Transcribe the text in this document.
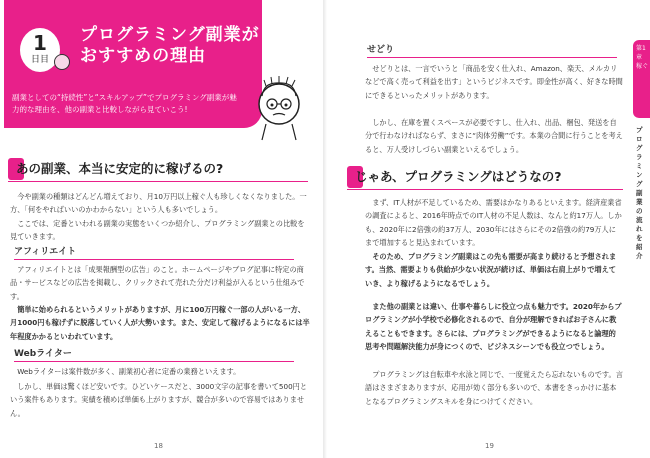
1
日目
プログラミング副業がおすすめの理由
副業としての“持続性”と“スキルアップ”でプログラミング副業が魅力的な理由を、他の副業と比較しながら見ていこう!
あの副業、本当に安定的に稼げるの?

今や副業の種類はどんどん増えており、月10万円以上稼ぐ人も珍しくなくなりました。一方、「何をやればいいのかわからない」という人も多いでしょう。

ここでは、定番といわれる副業の実態をいくつか紹介し、プログラミング副業との比較を見ていきます。

アフィリエイト

アフィリエイトとは「成果報酬型の広告」のこと。ホームページやブログ記事に特定の商品・サービスなどの広告を掲載し、クリックされて売れた分だけ利益が入るという仕組みです。

簡単に始められるというメリットがありますが、月に100万円稼ぐ一部の人がいる一方、月1000円も稼げずに脱落していく人が大勢います。また、安定して稼げるようになるには半年程度かかるといわれています。

Webライター

Webライターは案件数が多く、副業初心者に定番の業務といえます。

しかし、単価は驚くほど安いです。ひどいケースだと、3000文字の記事を書いて500円という案件もあります。実績を積めば単価も上がりますが、競合が多いので容易ではありません。

18
せどり

せどりとは、一言でいうと「商品を安く仕入れ、Amazon、楽天、メルカリなどで高く売って利益を出す」というビジネスです。即金性が高く、好きな時間にできるといったメリットがあります。

しかし、在庫を置くスペースが必要ですし、仕入れ、出品、梱包、発送を自分で行わなければならず、まさに“肉体労働”です。本業の合間に行うことを考えると、万人受けしづらい副業といえるでしょう。

じゃあ、プログラミングはどうなの?

まず、IT人材が不足しているため、需要はかなりあるといえます。経済産業省の調査によると、2016年時点でのIT人材の不足人数は、なんと約17万人。しかも、2020年に2倍強の約37万人、2030年にはさらにその2倍強の約79万人にまで増加すると見込まれています。

そのため、プログラミング副業はこの先も需要が高まり続けると予想されます。当然、需要よりも供給が少ない状況が続けば、単価は右肩上がりで増えていき、より稼げるようになるでしょう。

また他の副業とは違い、仕事や暮らしに役立つ点も魅力です。2020年からプログラミングが小学校で必修化されるので、自分が理解できればお子さんに教えることもできます。さらには、プログラミングができるようになると論理的思考や問題解決能力が身につくので、ビジネスシーンでも役立つでしょう。

プログラミングは自転車や水泳と同じで、一度覚えたら忘れないものです。言語はさまざまありますが、応用が効く部分も多いので、本書をきっかけに基本となるプログラミングスキルを身につけてください。

19
第1章 稼ぐ
プログラミング副業の流れを紹介
